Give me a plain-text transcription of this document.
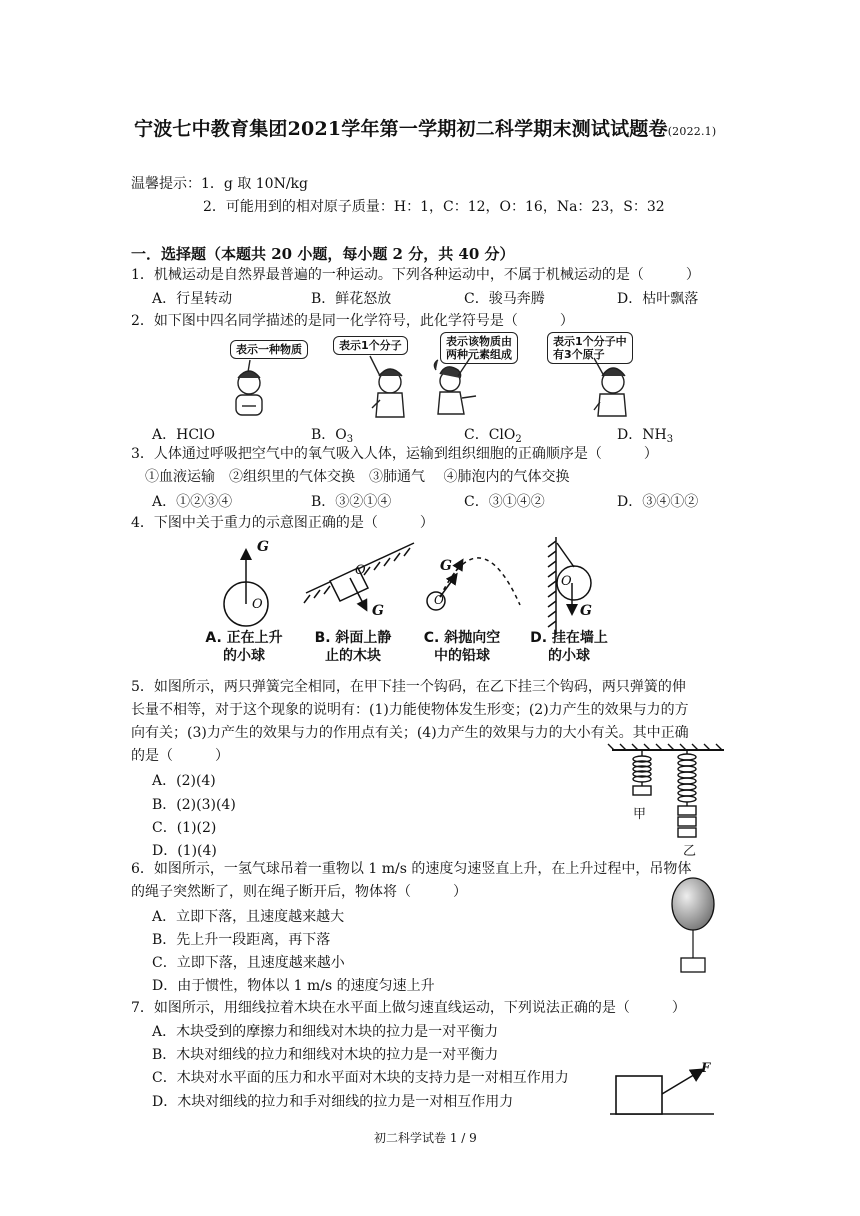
宁波七中教育集团2021学年第一学期初二科学期末测试试题卷(2022.1)
温馨提示：1．g 取 10N/kg
2．可能用到的相对原子质量：H：1，C：12，O：16，Na：23，S：32
一．选择题（本题共 20 小题，每小题 2 分，共 40 分）
1．机械运动是自然界最普遍的一种运动。下列各种运动中，不属于机械运动的是（　　　）
A．行星转动	B．鲜花怒放	C．骏马奔腾	D．枯叶飘落
2．如下图中四名同学描述的是同一化学符号，此化学符号是（　　　）
表示一种物质	表示1个分子	表示该物质由
两种元素组成
表示1个分子中
有3个原子
A．HClO	B．$O_3$	C．ClO$_2$	D．$NH_3$
3．人体通过呼吸把空气中的氧气吸入人体，运输到组织细胞的正确顺序是（　　　）
①血液运输　②组织里的气体交换　③肺通气　 ④肺泡内的气体交换
A．①②③④	B．③②①④	C．③①④②	D．③④①②
4．下图中关于重力的示意图正确的是（　　　）
G
O
O
G
G
O
O
G
A. 正在上升
的小球
B. 斜面上静
止的木块
C. 斜抛向空
中的铅球
D. 挂在墙上
的小球
5．如图所示，两只弹簧完全相同，在甲下挂一个钩码，在乙下挂三个钩码，两只弹簧的伸
长量不相等，对于这个现象的说明有：(1)力能使物体发生形变；(2)力产生的效果与力的方
向有关；(3)力产生的效果与力的作用点有关；(4)力产生的效果与力的大小有关。其中正确
的是（　　　）
A．(2)(4)
B．(2)(3)(4)
C．(1)(2)
D．(1)(4)
甲
乙
6．如图所示，一氢气球吊着一重物以 1 m/s 的速度匀速竖直上升，在上升过程中，吊物体
的绳子突然断了，则在绳子断开后，物体将（　　　）
A．立即下落，且速度越来越大
B．先上升一段距离，再下落
C．立即下落，且速度越来越小
D．由于惯性，物体以 1 m/s 的速度匀速上升
7．如图所示，用细线拉着木块在水平面上做匀速直线运动，下列说法正确的是（　　　）
A．木块受到的摩擦力和细线对木块的拉力是一对平衡力
B．木块对细线的拉力和细线对木块的拉力是一对平衡力
C．木块对水平面的压力和水平面对木块的支持力是一对相互作用力
D．木块对细线的拉力和手对细线的拉力是一对相互作用力
F
初二科学试卷 1 / 9
